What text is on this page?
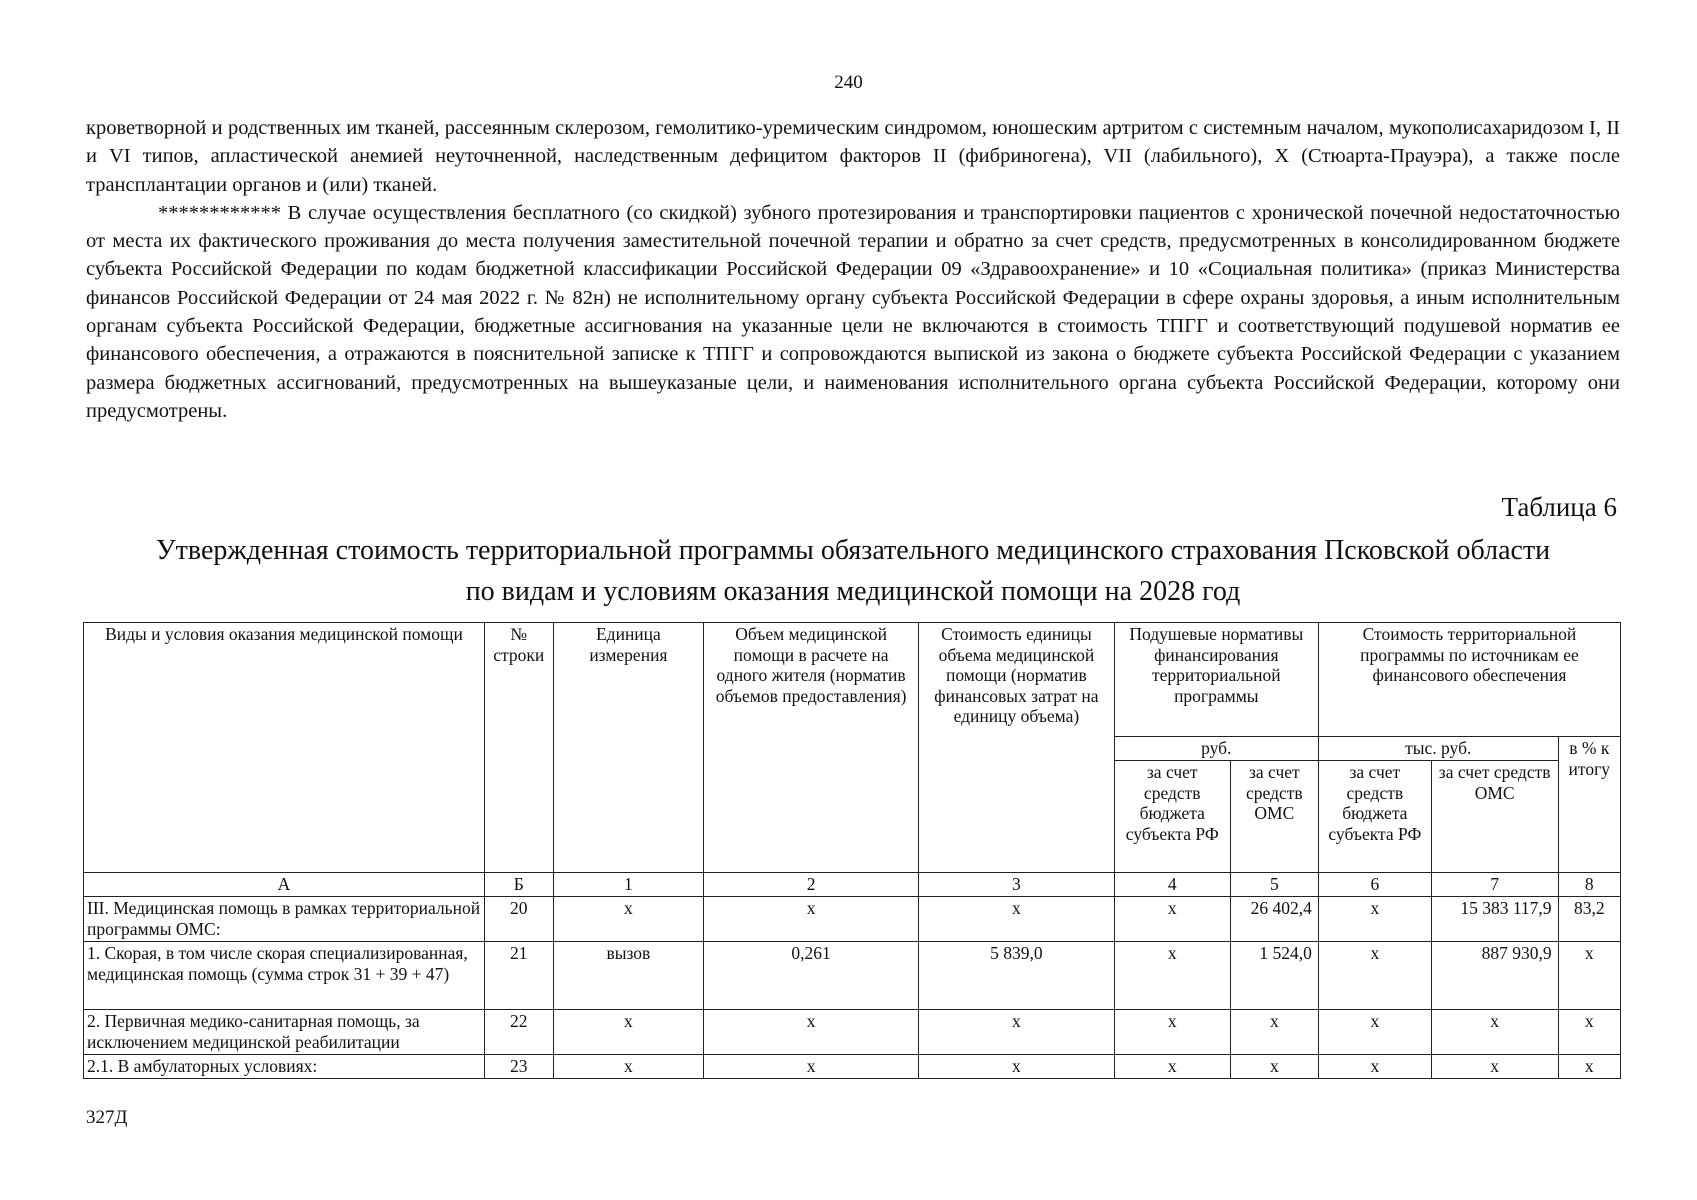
240

кроветворной и родственных им тканей, рассеянным склерозом, гемолитико-уремическим синдромом, юношеским артритом с системным началом, мукополисахаридозом I, II и VI типов, апластической анемией неуточненной, наследственным дефицитом факторов II (фибриногена), VII (лабильного), X (Стюарта-Прауэра), а также после трансплантации органов и (или) тканей.

************ В случае осуществления бесплатного (со скидкой) зубного протезирования и транспортировки пациентов с хронической почечной недостаточностью от места их фактического проживания до места получения заместительной почечной терапии и обратно за счет средств, предусмотренных в консолидированном бюджете субъекта Российской Федерации по кодам бюджетной классификации Российской Федерации 09 «Здравоохранение» и 10 «Социальная политика» (приказ Министерства финансов Российской Федерации от 24 мая 2022 г. № 82н) не исполнительному органу субъекта Российской Федерации в сфере охраны здоровья, а иным исполнительным органам субъекта Российской Федерации, бюджетные ассигнования на указанные цели не включаются в стоимость ТПГГ и соответствующий подушевой норматив ее финансового обеспечения, а отражаются в пояснительной записке к ТПГГ и сопровождаются выпиской из закона о бюджете субъекта Российской Федерации с указанием размера бюджетных ассигнований, предусмотренных на вышеуказаные цели, и наименования исполнительного органа субъекта Российской Федерации, которому они предусмотрены.

Таблица 6
Утвержденная стоимость территориальной программы обязательного медицинского страхования Псковской области
по видам и условиям оказания медицинской помощи на 2028 год
Виды и условия оказания медицинской помощи	№ строки	Единица измерения	Объем медицинской помощи в расчете на одного жителя (норматив объемов предоставления)	Стоимость единицы объема медицинской помощи (норматив финансовых затрат на единицу объема)	Подушевые нормативы финансирования территориальной программы		Стоимость территориальной программы по источникам ее финансового обеспечения		
					руб.		тыс. руб.		в % к итогу
					за счет средств бюджета субъекта РФ	за счет средств ОМС	за счет средств бюджета субъекта РФ	за счет средств ОМС	
А	Б	1	2	3	4	5	6	7	8
III. Медицинская помощь в рамках территориальной программы ОМС:	20	х	х	х	х	26 402,4	х	15 383 117,9	83,2
1. Скорая, в том числе скорая специализированная, медицинская помощь (сумма строк 31 + 39 + 47)	21	вызов	0,261	5 839,0	х	1 524,0	х	887 930,9	х
2. Первичная медико-санитарная помощь, за исключением медицинской реабилитации	22	х	х	х	х	х	х	х	х
2.1. В амбулаторных условиях:	23	х	х	х	х	х	х	х	х
327Д
